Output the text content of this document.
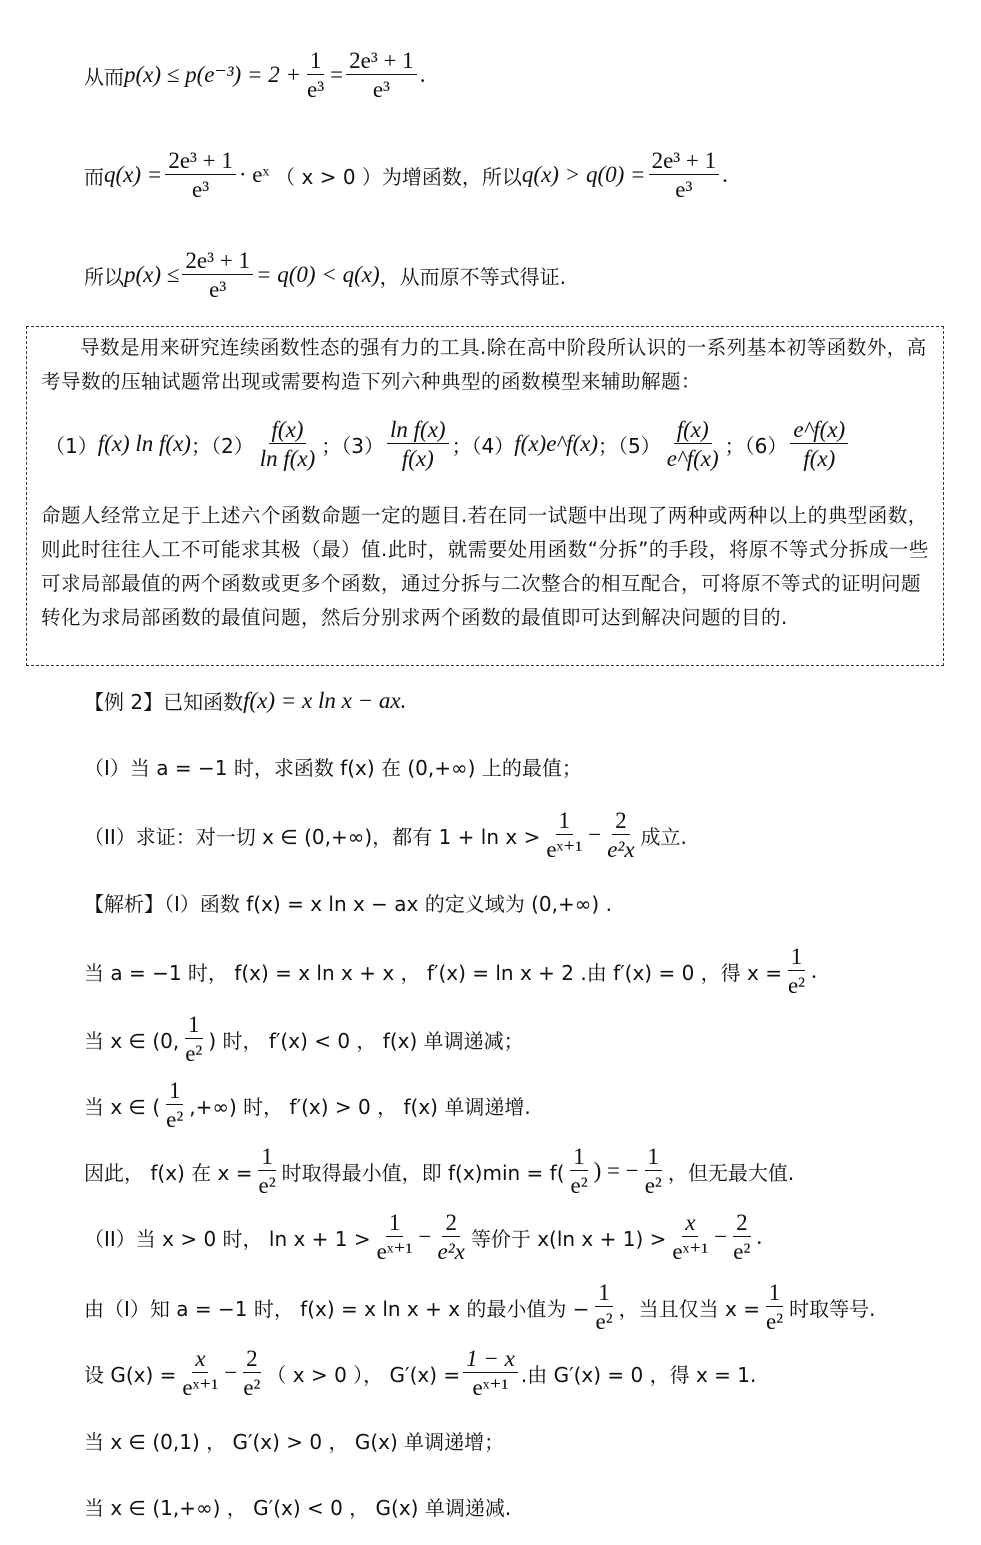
从而 $p(x) \le p(e^{-3}) = 2 + \frac{1}{\text{e³}} = \frac{\text{2e³ + 1}}{\text{e³}}$ .
而 $q(x) = \frac{\text{2e³ + 1}}{\text{e³}}$ · eˣ （ x > 0 ）为增函数，所以 $q(x) > q(0) = \frac{\text{2e³ + 1}}{\text{e³}}$ .
所以 $p(x) \le \frac{\text{2e³ + 1}}{\text{e³}} = q(0) < q(x)$ ，从而原不等式得证.
导数是用来研究连续函数性态的强有力的工具.除在高中阶段所认识的一系列基本初等函数外，高考导数的压轴试题常出现或需要构造下列六种典型的函数模型来辅助解题：
（1） f(x) ln f(x) ；$(2) \frac{f(x)}{\text{ln f(x)}}$ ；$(3) \frac{\text{ln f(x)}}{f(x)}$ ；（4） f(x)e^f(x) ；$(5) \frac{f(x)}{e\^{}f(x)}$ ；$(6) \frac{e\^{}f(x)}{f(x)}$
命题人经常立足于上述六个函数命题一定的题目.若在同一试题中出现了两种或两种以上的典型函数，则此时往往人工不可能求其极（最）值.此时，就需要处用函数“分拆”的手段，将原不等式分拆成一些可求局部最值的两个函数或更多个函数，通过分拆与二次整合的相互配合，可将原不等式的证明问题转化为求局部函数的最值问题，然后分别求两个函数的最值即可达到解决问题的目的.
【例 2】已知函数 f(x) = x ln x − ax.
（I）当 a = −1 时，求函数 f(x) 在 (0,+∞) 上的最值；
（II）求证：对一切 x ∈ (0,+∞)，都有 $1 + \ln x > \frac{1}{\text{eˣ⁺¹}} - \frac{2}{\text{e²x}}$ 成立.
【解析】（I）函数 f(x) = x ln x − ax 的定义域为 (0,+∞) .
当 a = −1 时， f(x) = x ln x + x ， f′(x) = ln x + 2 .由 f′(x) = 0 ，得 $x = \frac{1}{\text{e²}}$ .
当 x ∈ (0, $\frac{1}{\text{e²}}$ ) 时， f′(x) < 0 ， f(x) 单调递减；
当 x ∈ ( $\frac{1}{\text{e²}}$ ,+∞) 时， f′(x) > 0 ， f(x) 单调递增.
因此， f(x) 在 $x = \frac{1}{\text{e²}}$ 时取得最小值，即 $f(x)\min = f( \frac{1}{\text{e²}}$ ) = − $\frac{1}{\text{e²}}$ ，但无最大值.
（II）当 x > 0 时， $\ln x + 1 > \frac{1}{\text{eˣ⁺¹}} - \frac{2}{\text{e²x}}$ 等价于 x(ln $x + 1) > \frac{x}{\text{eˣ⁺¹}} - \frac{2}{\text{e²}}$ .
由（I）知 a = −1 时， f(x) = x ln x + x 的最小值为 − $\frac{1}{\text{e²}}$ ，当且仅当 $x = \frac{1}{\text{e²}}$ 时取等号.
设 $G(x) = \frac{x}{\text{eˣ⁺¹}} - \frac{2}{\text{e²}}$ （ x > 0 ）， $G'(x) = \frac{1 - x}{\text{eˣ⁺¹}}$ .由 G′(x) = 0 ，得 x = 1.
当 x ∈ (0,1) ， G′(x) > 0 ， G(x) 单调递增；
当 x ∈ (1,+∞) ， G′(x) < 0 ， G(x) 单调递减.
